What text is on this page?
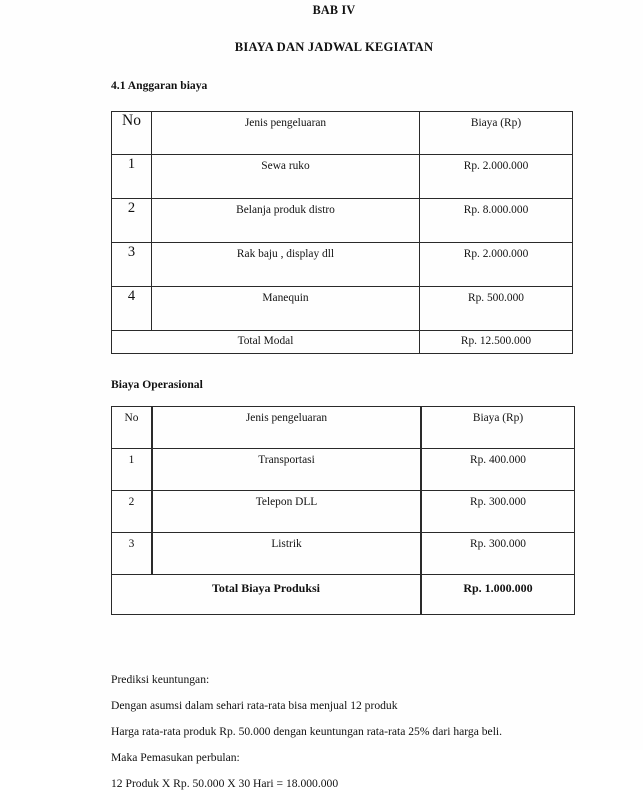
BAB IV
BIAYA DAN JADWAL KEGIATAN
4.1 Anggaran biaya
No	Jenis pengeluaran	Biaya (Rp)
1	Sewa ruko	Rp. 2.000.000
2	Belanja produk distro	Rp. 8.000.000
3	Rak baju , display dll	Rp. 2.000.000
4	Manequin	Rp. 500.000
Total Modal		Rp. 12.500.000
Biaya Operasional
No	Jenis pengeluaran	Biaya (Rp)
1	Transportasi	Rp. 400.000
2	Telepon DLL	Rp. 300.000
3	Listrik	Rp. 300.000
Total Biaya Produksi		Rp. 1.000.000

Prediksi keuntungan:

Dengan asumsi dalam sehari rata-rata bisa menjual 12 produk

Harga rata-rata produk Rp. 50.000 dengan keuntungan rata-rata 25% dari harga beli.

Maka Pemasukan perbulan:

12 Produk X Rp. 50.000 X 30 Hari = 18.000.000
